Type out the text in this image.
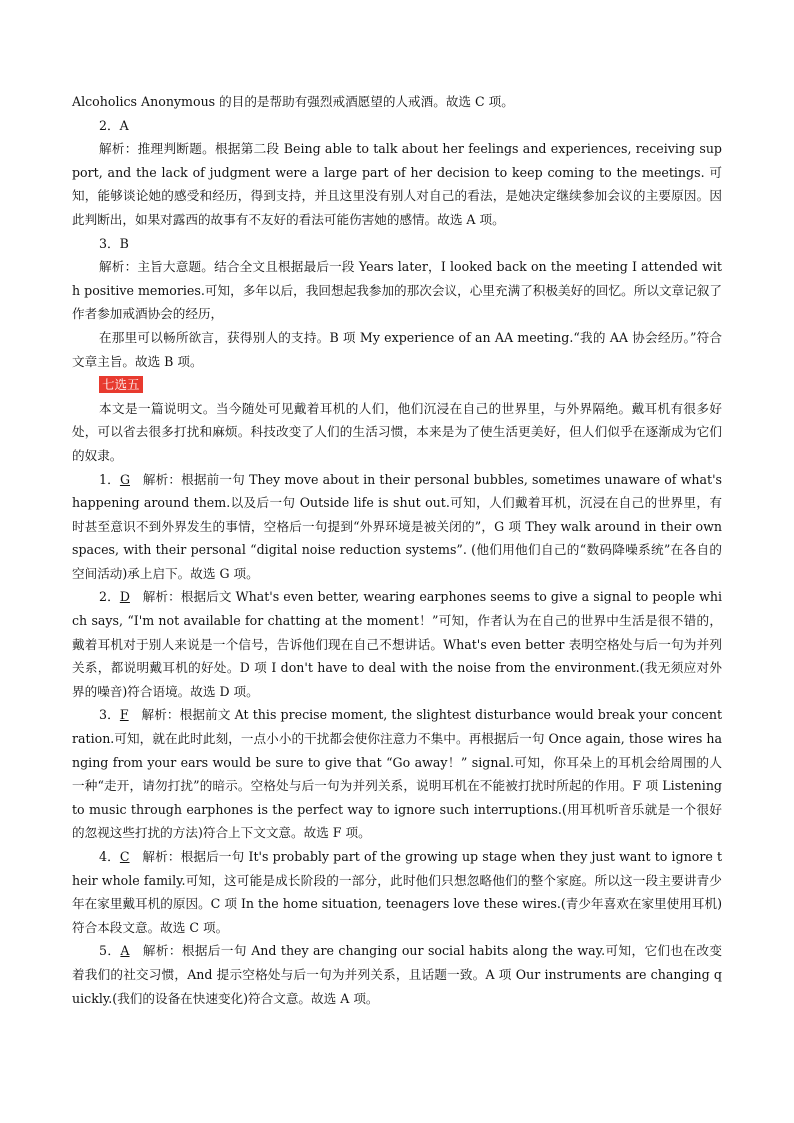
Alcoholics Anonymous 的目的是帮助有强烈戒酒愿望的人戒酒。故选 C 项。

2．A

解析：推理判断题。根据第二段 Being able to talk about her feelings and experiences, receiving support, and the lack of judgment were a large part of her decision to keep coming to the meetings. 可知，能够谈论她的感受和经历，得到支持，并且这里没有别人对自己的看法，是她决定继续参加会议的主要原因。因此判断出，如果对露西的故事有不友好的看法可能伤害她的感情。故选 A 项。

3．B

解析：主旨大意题。结合全文且根据最后一段 Years later，I looked back on the meeting I attended with positive memories.可知，多年以后，我回想起我参加的那次会议，心里充满了积极美好的回忆。所以文章记叙了作者参加戒酒协会的经历，

在那里可以畅所欲言，获得别人的支持。B 项 My experience of an AA meeting.“我的 AA 协会经历。”符合文章主旨。故选 B 项。

七选五

本文是一篇说明文。当今随处可见戴着耳机的人们，他们沉浸在自己的世界里，与外界隔绝。戴耳机有很多好处，可以省去很多打扰和麻烦。科技改变了人们的生活习惯，本来是为了使生活更美好，但人们似乎在逐渐成为它们的奴隶。

1．G　解析：根据前一句 They move about in their personal bubbles, sometimes unaware of what's happening around them.以及后一句 Outside life is shut out.可知，人们戴着耳机，沉浸在自己的世界里，有时甚至意识不到外界发生的事情，空格后一句提到“外界环境是被关闭的”，G 项 They walk around in their own spaces, with their personal “digital noise reduction systems”. (他们用他们自己的“数码降噪系统”在各自的空间活动)承上启下。故选 G 项。

2．D　解析：根据后文 What's even better, wearing earphones seems to give a signal to people which says, “I'm not available for chatting at the moment！”可知，作者认为在自己的世界中生活是很不错的，戴着耳机对于别人来说是一个信号，告诉他们现在自己不想讲话。What's even better 表明空格处与后一句为并列关系，都说明戴耳机的好处。D 项 I don't have to deal with the noise from the environment.(我无须应对外界的噪音)符合语境。故选 D 项。

3．F　解析：根据前文 At this precise moment, the slightest disturbance would break your concentration.可知，就在此时此刻，一点小小的干扰都会使你注意力不集中。再根据后一句 Once again, those wires hanging from your ears would be sure to give that “Go away！” signal.可知，你耳朵上的耳机会给周围的人一种“走开，请勿打扰”的暗示。空格处与后一句为并列关系，说明耳机在不能被打扰时所起的作用。F 项 Listening to music through earphones is the perfect way to ignore such interruptions.(用耳机听音乐就是一个很好的忽视这些打扰的方法)符合上下文文意。故选 F 项。

4．C　解析：根据后一句 It's probably part of the growing up stage when they just want to ignore their whole family.可知，这可能是成长阶段的一部分，此时他们只想忽略他们的整个家庭。所以这一段主要讲青少年在家里戴耳机的原因。C 项 In the home situation, teenagers love these wires.(青少年喜欢在家里使用耳机)符合本段文意。故选 C 项。

5．A　解析：根据后一句 And they are changing our social habits along the way.可知，它们也在改变着我们的社交习惯，And 提示空格处与后一句为并列关系，且话题一致。A 项 Our instruments are changing quickly.(我们的设备在快速变化)符合文意。故选 A 项。
